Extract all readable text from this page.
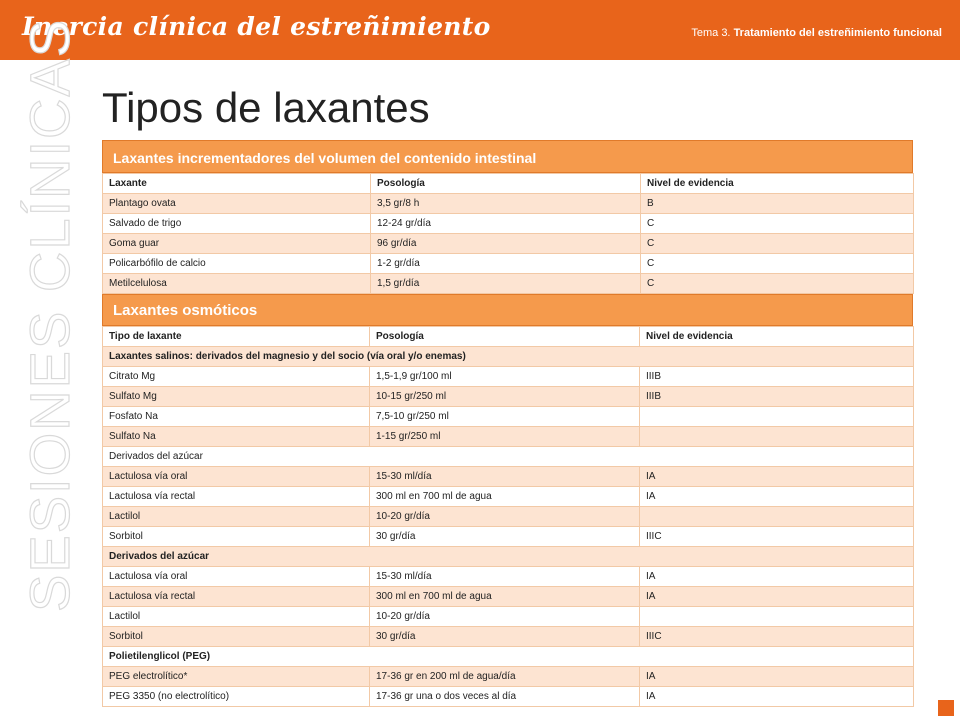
Inercia clínica del estreñimiento	Tema 3. Tratamiento del estreñimiento funcional
SESIONES CLÍNICAS Tipos de laxantes
Laxantes incrementadores del volumen del contenido intestinal
Laxante	Posología	Nivel de evidencia
Plantago ovata	3,5 gr/8 h	B
Salvado de trigo	12-24 gr/día	C
Goma guar	96 gr/día	C
Policarbófilo de calcio	1-2 gr/día	C
Metilcelulosa	1,5 gr/día	C
Laxantes osmóticos
Tipo de laxante	Posología	Nivel de evidencia
Laxantes salinos: derivados del magnesio y del socio (vía oral y/o enemas)		
Citrato Mg	1,5-1,9 gr/100 ml	IIIB
Sulfato Mg	10-15 gr/250 ml	IIIB
Fosfato Na	7,5-10 gr/250 ml	
Sulfato Na	1-15 gr/250 ml	
Derivados del azúcar		
Lactulosa vía oral	15-30 ml/día	IA
Lactulosa vía rectal	300 ml en 700 ml de agua	IA
Lactilol	10-20 gr/día	
Sorbitol	30 gr/día	IIIC
Derivados del azúcar		
Lactulosa vía oral	15-30 ml/día	IA
Lactulosa vía rectal	300 ml en 700 ml de agua	IA
Lactilol	10-20 gr/día	
Sorbitol	30 gr/día	IIIC
Polietilenglicol (PEG)		
PEG electrolítico*	17-36 gr en 200 ml de agua/día	IA
PEG 3350 (no electrolítico)	17-36 gr una o dos veces al día	IA
